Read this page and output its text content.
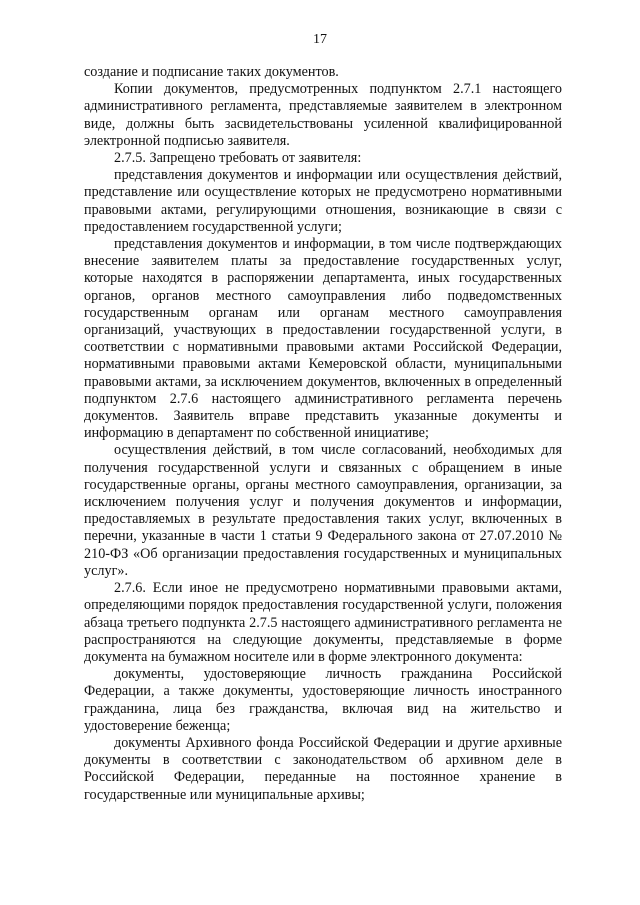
17

создание и подписание таких документов.

Копии документов, предусмотренных подпунктом 2.7.1 настоящего административного регламента, представляемые заявителем в электронном виде, должны быть засвидетельствованы усиленной квалифицированной электронной подписью заявителя.

2.7.5. Запрещено требовать от заявителя:

представления документов и информации или осуществления действий, представление или осуществление которых не предусмотрено нормативными правовыми актами, регулирующими отношения, возникающие в связи с предоставлением государственной услуги;

представления документов и информации, в том числе подтверждающих внесение заявителем платы за предоставление государственных услуг, которые находятся в распоряжении департамента, иных государственных органов, органов местного самоуправления либо подведомственных государственным органам или органам местного самоуправления организаций, участвующих в предоставлении государственной услуги, в соответствии с нормативными правовыми актами Российской Федерации, нормативными правовыми актами Кемеровской области, муниципальными правовыми актами, за исключением документов, включенных в определенный подпунктом 2.7.6 настоящего административного регламента перечень документов. Заявитель вправе представить указанные документы и информацию в департамент по собственной инициативе;

осуществления действий, в том числе согласований, необходимых для получения государственной услуги и связанных с обращением в иные государственные органы, органы местного самоуправления, организации, за исключением получения услуг и получения документов и информации, предоставляемых в результате предоставления таких услуг, включенных в перечни, указанные в части 1 статьи 9 Федерального закона от 27.07.2010 № 210-ФЗ «Об организации предоставления государственных и муниципальных услуг».

2.7.6. Если иное не предусмотрено нормативными правовыми актами, определяющими порядок предоставления государственной услуги, положения абзаца третьего подпункта 2.7.5 настоящего административного регламента не распространяются на следующие документы, представляемые в форме документа на бумажном носителе или в форме электронного документа:

документы, удостоверяющие личность гражданина Российской Федерации, а также документы, удостоверяющие личность иностранного гражданина, лица без гражданства, включая вид на жительство и удостоверение беженца;

документы Архивного фонда Российской Федерации и другие архивные документы в соответствии с законодательством об архивном деле в Российской Федерации, переданные на постоянное хранение в государственные или муниципальные архивы;
